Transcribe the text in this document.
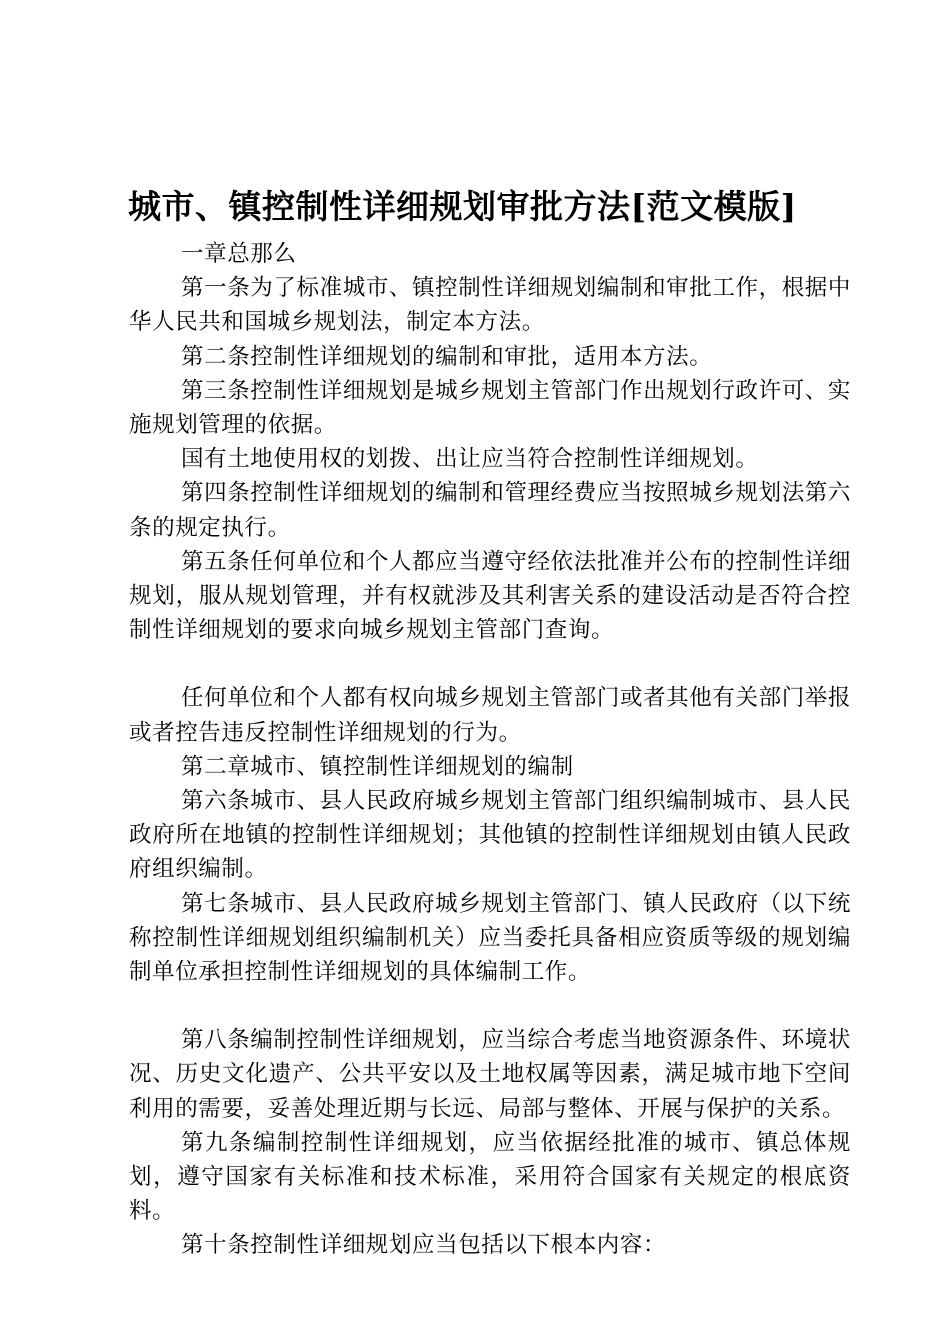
城市、镇控制性详细规划审批方法[范文模版]

一章总那么

第一条为了标准城市、镇控制性详细规划编制和审批工作，根据中华人民共和国城乡规划法，制定本方法。

第二条控制性详细规划的编制和审批，适用本方法。

第三条控制性详细规划是城乡规划主管部门作出规划行政许可、实施规划管理的依据。

国有土地使用权的划拨、出让应当符合控制性详细规划。

第四条控制性详细规划的编制和管理经费应当按照城乡规划法第六条的规定执行。

第五条任何单位和个人都应当遵守经依法批准并公布的控制性详细规划，服从规划管理，并有权就涉及其利害关系的建设活动是否符合控制性详细规划的要求向城乡规划主管部门查询。

任何单位和个人都有权向城乡规划主管部门或者其他有关部门举报或者控告违反控制性详细规划的行为。

第二章城市、镇控制性详细规划的编制

第六条城市、县人民政府城乡规划主管部门组织编制城市、县人民政府所在地镇的控制性详细规划；其他镇的控制性详细规划由镇人民政府组织编制。

第七条城市、县人民政府城乡规划主管部门、镇人民政府（以下统称控制性详细规划组织编制机关）应当委托具备相应资质等级的规划编制单位承担控制性详细规划的具体编制工作。

第八条编制控制性详细规划，应当综合考虑当地资源条件、环境状况、历史文化遗产、公共平安以及土地权属等因素，满足城市地下空间利用的需要，妥善处理近期与长远、局部与整体、开展与保护的关系。

第九条编制控制性详细规划，应当依据经批准的城市、镇总体规划，遵守国家有关标准和技术标准，采用符合国家有关规定的根底资料。

第十条控制性详细规划应当包括以下根本内容：
